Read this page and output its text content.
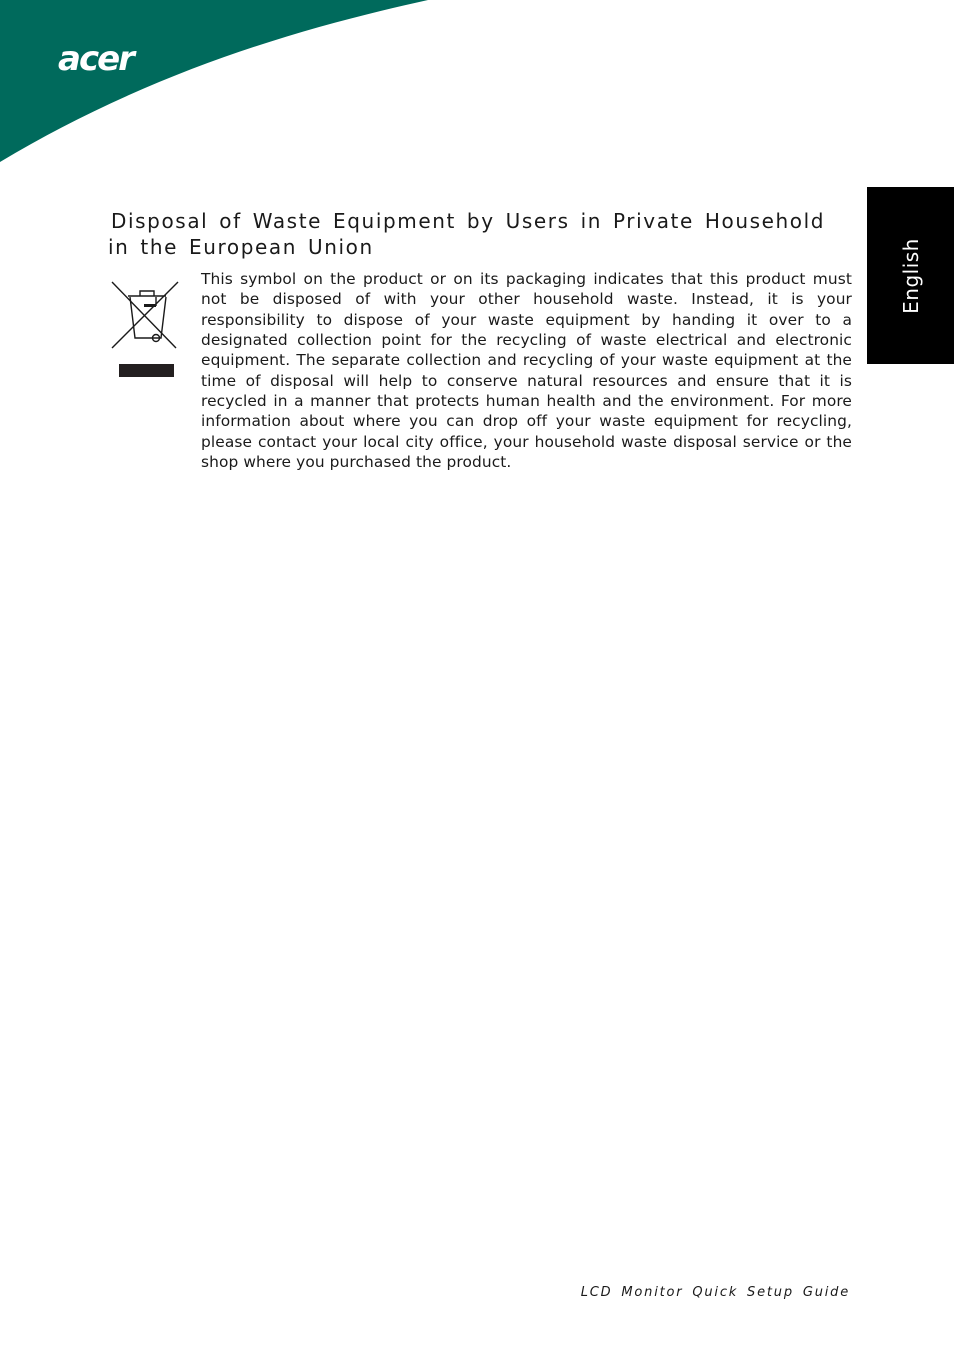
acer
English
Disposal of Waste Equipment by Users in Private Household in the European Union

This symbol on the product or on its packaging indicates that this product must not be disposed of with your other household waste. Instead, it is your responsibility to dispose of your waste equipment by handing it over to a designated collection point for the recycling of waste electrical and electronic equipment. The separate collection and recycling of your waste equipment at the time of disposal will help to conserve natural resources and ensure that it is recycled in a manner that protects human health and the environment. For more information about where you can drop off your waste equipment for recycling, please contact your local city office, your household waste disposal service or the shop where you purchased the product.

LCD Monitor Quick Setup Guide
